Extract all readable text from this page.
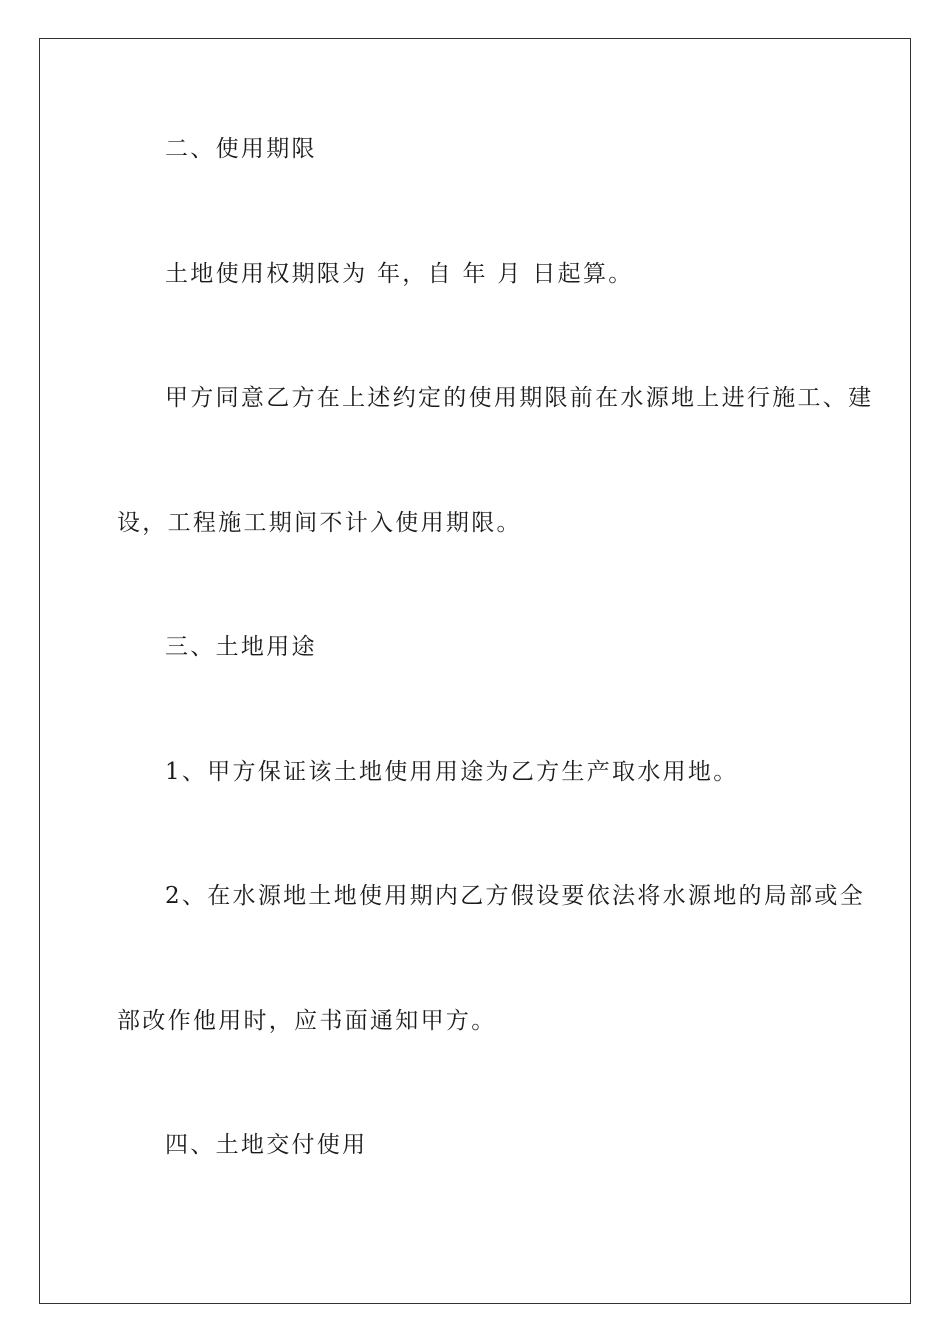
二、使用期限
土地使用权期限为 年，自 年 月 日起算。
甲方同意乙方在上述约定的使用期限前在水源地上进行施工、建
设，工程施工期间不计入使用期限。
三、土地用途
1、甲方保证该土地使用用途为乙方生产取水用地。
2、在水源地土地使用期内乙方假设要依法将水源地的局部或全
部改作他用时，应书面通知甲方。
四、土地交付使用
